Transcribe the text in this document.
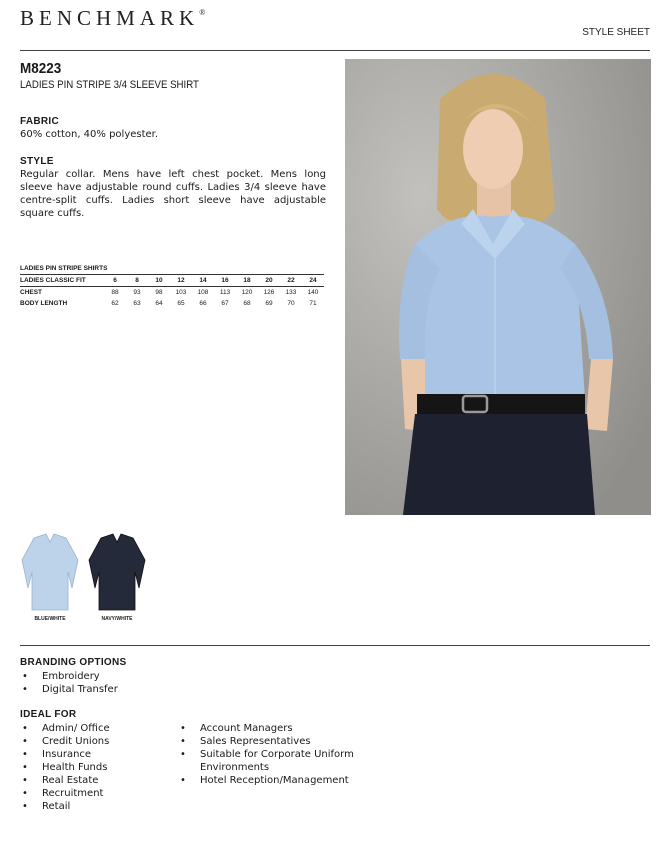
BENCHMARK®
STYLE SHEET
M8223
LADIES PIN STRIPE 3/4 SLEEVE SHIRT
FABRIC
60% cotton, 40% polyester.
STYLE
Regular collar. Mens have left chest pocket. Mens long sleeve have adjustable round cuffs. Ladies 3/4 sleeve have centre-split cuffs. Ladies short sleeve have adjustable square cuffs.
LADIES PIN STRIPE SHIRTS										
LADIES CLASSIC FIT	6	8	10	12	14	16	18	20	22	24
CHEST	88	93	98	103	108	113	120	126	133	140
BODY LENGTH	62	63	64	65	66	67	68	69	70	71
BLUE/WHITE	NAVY/WHITE
BRANDING OPTIONS
• Embroidery
• Digital Transfer
IDEAL FOR
• Admin/ Office
• Credit Unions
• Insurance
• Health Funds
• Real Estate
• Recruitment
• Retail
• Account Managers
• Sales Representatives
• Suitable for Corporate Uniform
Environments
• Hotel Reception/Management
